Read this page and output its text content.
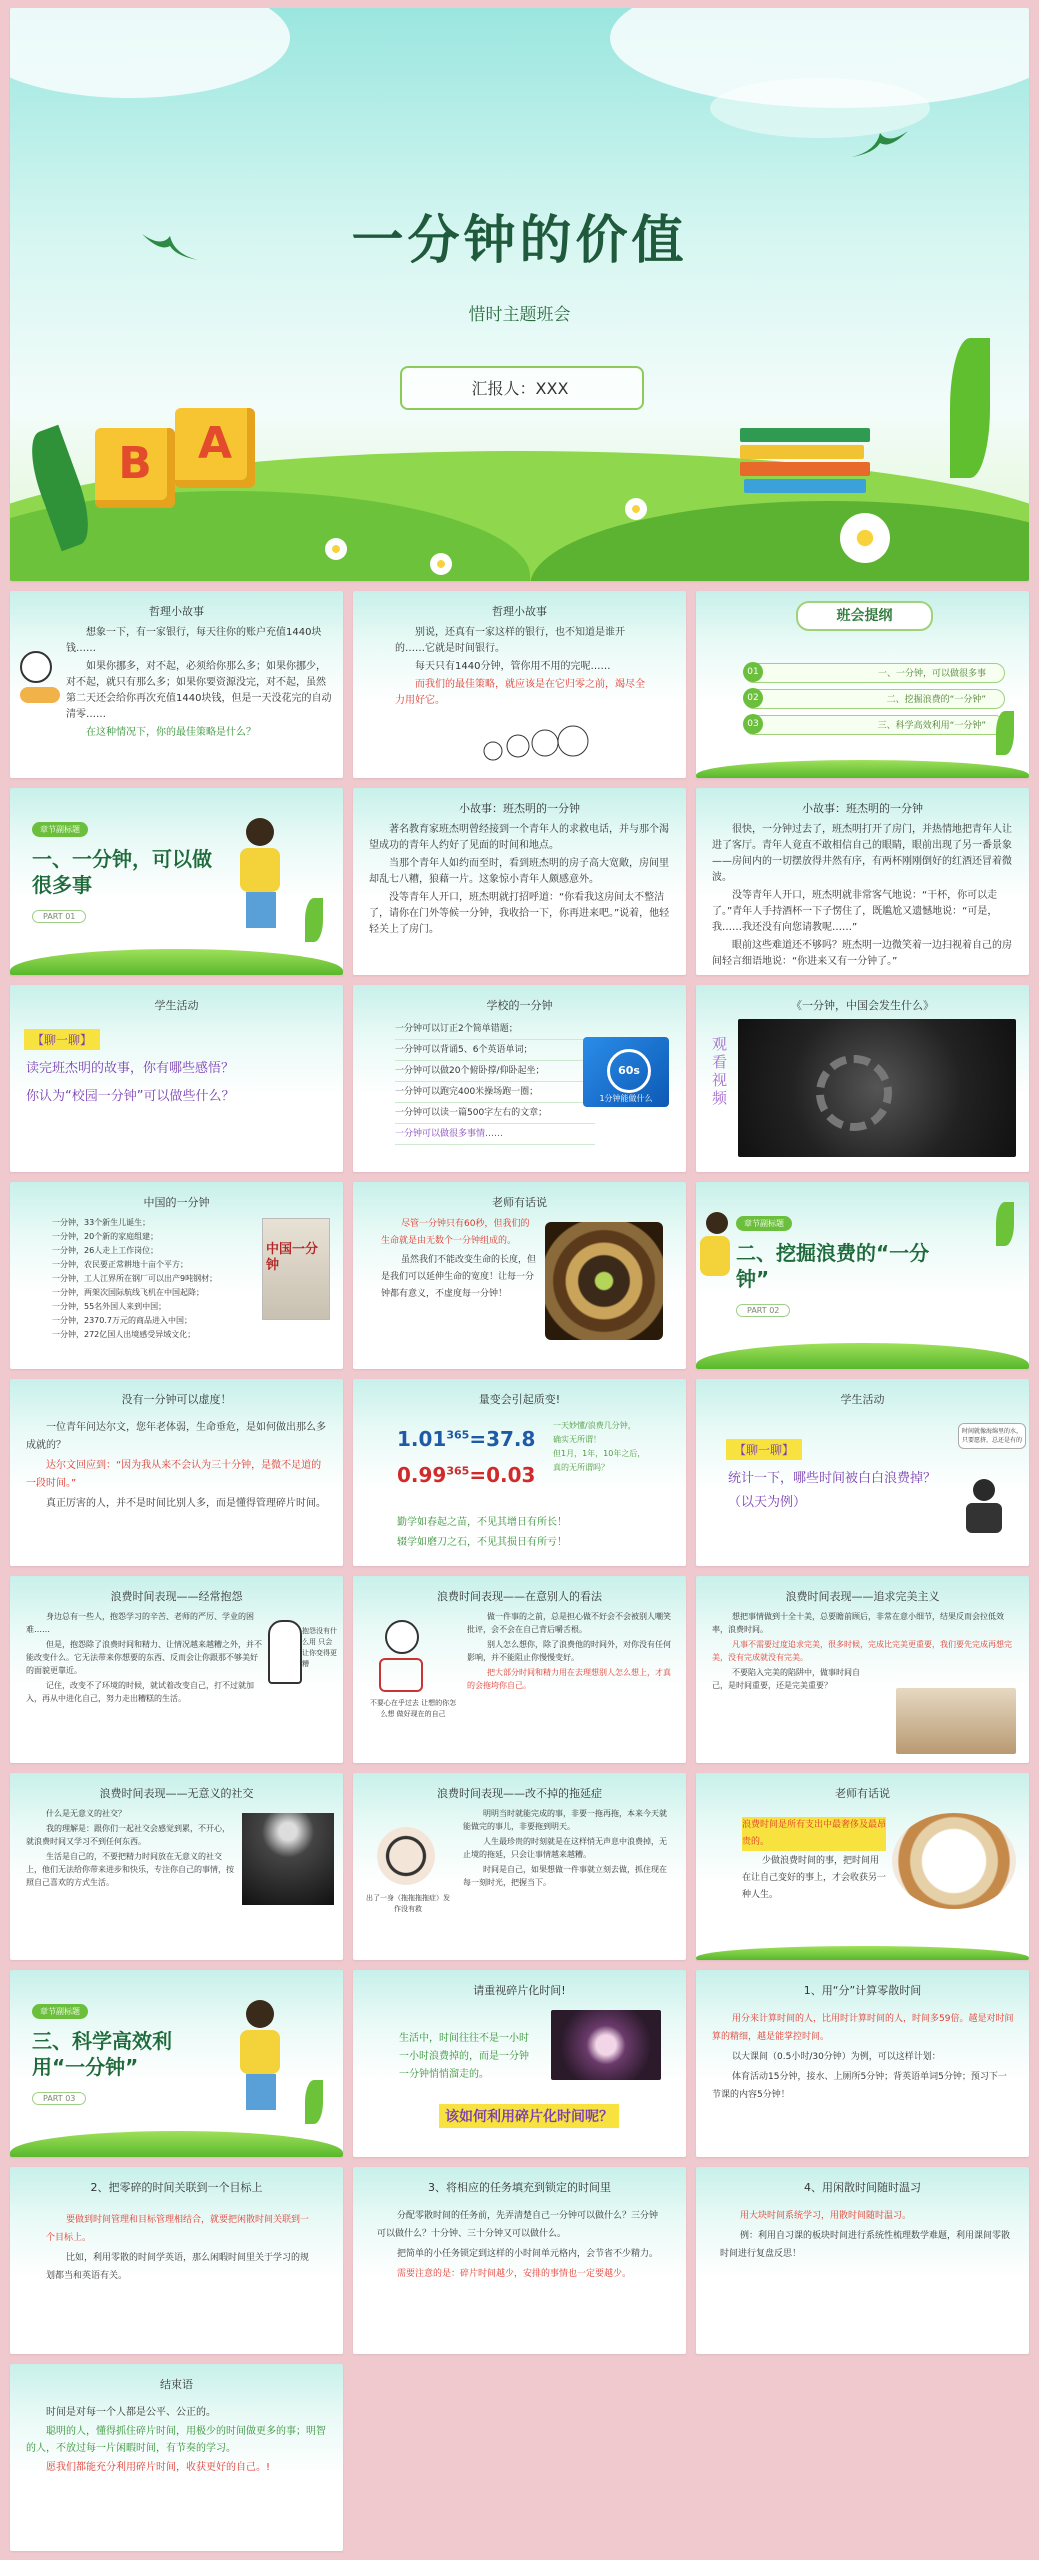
一分钟的价值
惜时主题班会
汇报人：XXX
B	A
哲理小故事

想象一下，有一家银行，每天往你的账户充值1440块钱……

如果你挪多，对不起，必须给你那么多；如果你挪少，对不起，就只有那么多；如果你要资源没完，对不起，虽然第二天还会给你再次充值1440块钱，但是一天没花完的自动清零……

在这种情况下，你的最佳策略是什么？

哲理小故事

别说，还真有一家这样的银行，也不知道是谁开的……它就是时间银行。

每天只有1440分钟，管你用不用的完呢……

而我们的最佳策略，就应该是在它归零之前，竭尽全力用好它。

班会提纲
01	一、一分钟，可以做很多事
02	二、挖掘浪费的“一分钟”
03	三、科学高效利用“一分钟”
章节副标题
一、一分钟，可以做很多事
PART 01
小故事：班杰明的一分钟

著名教育家班杰明曾经接到一个青年人的求救电话，并与那个渴望成功的青年人约好了见面的时间和地点。

当那个青年人如约而至时，看到班杰明的房子高大宽敞，房间里却乱七八糟，狼藉一片。这象惊小青年人颇感意外。

没等青年人开口，班杰明就打招呼道：“你看我这房间太不整洁了，请你在门外等候一分钟，我收拾一下，你再进来吧。”说着，他轻轻关上了房门。

小故事：班杰明的一分钟

很快，一分钟过去了，班杰明打开了房门，并热情地把青年人让进了客厅。青年人竟直不敢相信自己的眼睛，眼前出现了另一番景象——房间内的一切摆放得井然有序，有两杯刚刚倒好的红酒还冒着微波。

没等青年人开口，班杰明就非常客气地说：“干杯，你可以走了。”青年人手持酒杯一下子愣住了，既尴尬又遗憾地说：“可是，我……我还没有向您请教呢……”

眼前这些难道还不够吗？班杰明一边微笑着一边扫视着自己的房间轻言细语地说：“你进来又有一分钟了。”

学生活动
【聊一聊】
读完班杰明的故事，你有哪些感悟？
你认为“校园一分钟”可以做些什么？
学校的一分钟
一分钟可以订正2个简单错题；
一分钟可以背诵5、6个英语单词；
一分钟可以做20个俯卧撑/仰卧起坐；
一分钟可以跑完400米操场跑一圈；
一分钟可以读一篇500字左右的文章；
一分钟可以做很多事情……
60s
1分钟能做什么
《一分钟，中国会发生什么》
观看视频
中国的一分钟
一分钟，33个新生儿诞生；
一分钟，20个新的家庭组建；
一分钟，26人走上工作岗位；
一分钟，农民要正常耕地十亩个平方；
一分钟，工人江界所在钢厂可以出产9吨钢材；
一分钟，两架次国际航线飞机在中国起降；
一分钟，55名外国人来到中国；
一分钟，2370.7万元的商品进入中国；
一分钟，272亿国人出境感受异域文化；
中国一分钟
老师有话说

尽管一分钟只有60秒，但我们的生命就是由无数个一分钟组成的。

虽然我们不能改变生命的长度，但是我们可以延伸生命的宽度！让每一分钟都有意义，不虚度每一分钟！

章节副标题
二、挖掘浪费的“一分钟”
PART 02
没有一分钟可以虚度！

一位青年问达尔文，您年老体弱，生命垂危，是如何做出那么多成就的？

达尔文回应到：“因为我从来不会认为三十分钟，是微不足道的一段时间。”

真正厉害的人，并不是时间比别人多，而是懂得管理碎片时间。

量变会引起质变!
$1.01^{365}=37.8$
$0.99^{365}=0.03$
一天妙懂/浪费几分钟，
确实无所谓！
但1月，1年，10年之后，
真的无所谓吗？
勤学如春起之苗，不见其增日有所长！
辍学如磨刀之石，不见其损日有所亏！
学生活动
【聊一聊】
统计一下，哪些时间被白白浪费掉？
（以天为例）
时间就像海绵里的水，只要愿挤，总还是有的
浪费时间表现——经常抱怨

身边总有一些人，抱怨学习的辛苦、老师的严厉、学业的困难……

但是，抱怨除了浪费时间和精力、让情况越来越糟之外，并不能改变什么。它无法带来你想要的东西、反而会让你跟那不够美好的面貌更靠近。

记住，改变不了环境的时候，就试着改变自己，打不过就加入，再从中进化自己，努力走出糟糕的生活。

抱怨没有什么用 只会让你变得更糟
浪费时间表现——在意别人的看法
不要心在乎过去 让想的你怎么想 做好现在的自己

做一件事的之前，总是担心做不好会不会被别人嘲笑批评，会不会在自己背后嚼舌根。

别人怎么想你，除了浪费他的时间外，对你没有任何影响，并不能阻止你慢慢变好。

把大部分时间和精力用在去理想别人怎么想上，才真的会拖垮你自己。

浪费时间表现——追求完美主义

想把事情做到十全十美，总要瞻前顾后，非常在意小细节，结果反而会拉低效率，浪费时间。

凡事不需要过度追求完美，很多时候，完成比完美更重要，我们要先完成再想完美，没有完成就没有完美。

不要陷入完美的陷阱中，做事时间自己，是时间重要，还是完美重要？

浪费时间表现——无意义的社交

什么是无意义的社交？

我的理解是：跟你们一起社交会感觉到累，不开心，就浪费时间又学习不到任何东西。

生活是自己的，不要把精力时间放在无意义的社交上，他们无法给你带来进步和快乐，专注你自己的事情，按照自己喜欢的方式生活。

浪费时间表现——改不掉的拖延症
出了一身（拖拖拖拖症）发作没有救

明明当时就能完成的事，非要一拖再拖，本来今天就能做完的事儿，非要拖到明天。

人生最珍贵的时刻就是在这样悄无声息中浪费掉，无止境的拖延，只会让事情越来越糟。

时间是自己，如果想做一件事就立刻去做，抓住现在每一刻时光，把握当下。

老师有话说

浪费时间是所有支出中最奢侈及最昂贵的。

少做浪费时间的事，把时间用在让自己变好的事上，才会收获另一种人生。

章节副标题
三、科学高效利用“一分钟”
PART 03
请重视碎片化时间!
生活中，时间往往不是一小时一小时浪费掉的，而是一分钟一分钟悄悄溜走的。
该如何利用碎片化时间呢？
1、用“分”计算零散时间

用分来计算时间的人，比用时计算时间的人，时间多59倍。越是对时间算的精细，越是能掌控时间。

以大课间（0.5小时/30分钟）为例，可以这样计划：

体育活动15分钟，接水、上厕所5分钟；背英语单词5分钟；预习下一节课的内容5分钟！

2、把零碎的时间关联到一个目标上

要做到时间管理和目标管理相结合，就要把闲散时间关联到一个目标上。

比如，利用零散的时间学英语，那么闲暇时间里关于学习的规划都当和英语有关。

3、将相应的任务填充到锁定的时间里

分配零散时间的任务前，先弄清楚自己一分钟可以做什么？三分钟可以做什么？十分钟、三十分钟又可以做什么。

把简单的小任务锁定到这样的小时间单元格内，会节省不少精力。

需要注意的是：碎片时间越少，安排的事情也一定要越少。

4、用闲散时间随时温习

用大块时间系统学习，用散时间随时温习。

例：利用自习课的板块时间进行系统性梳理数学难题，利用课间零散时间进行复盘反思！

结束语

时间是对每一个人都是公平、公正的。

聪明的人，懂得抓住碎片时间，用极少的时间做更多的事；明智的人，不放过每一片闲暇时间，有节奏的学习。

愿我们都能充分利用碎片时间，收获更好的自己。!
